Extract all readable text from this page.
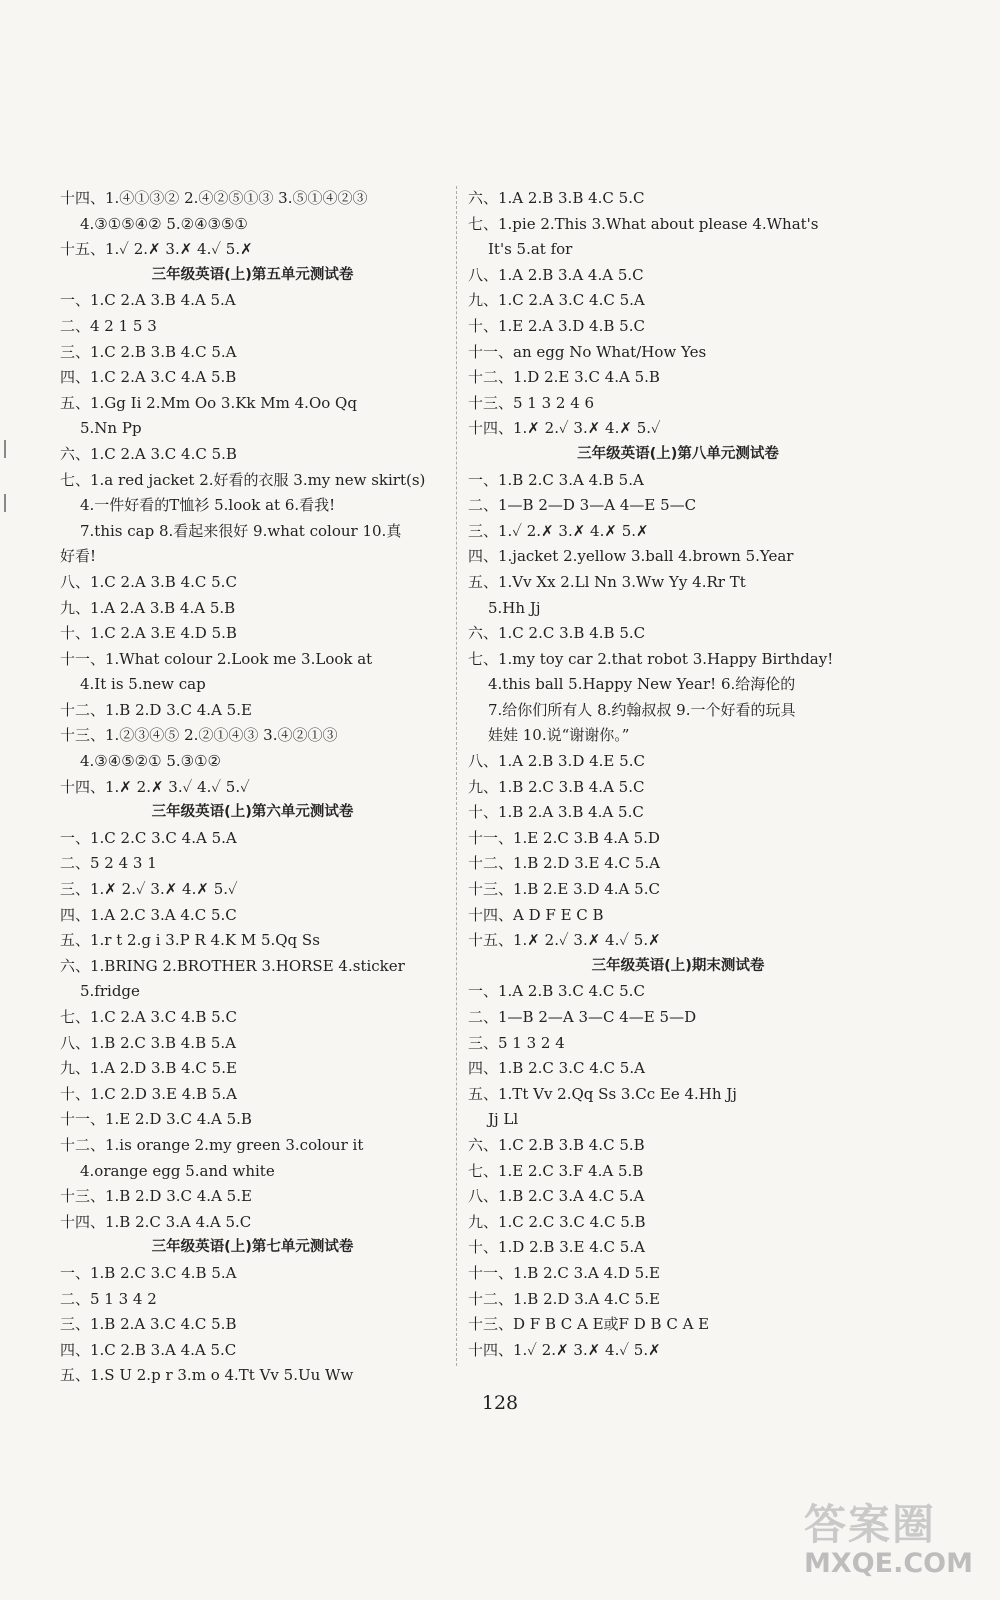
十四、1.④①③② 2.④②⑤①③ 3.⑤①④②③
4.③①⑤④② 5.②④③⑤①
十五、1.✓ 2.✗ 3.✗ 4.✓ 5.✗
三年级英语(上)第五单元测试卷
一、1.C 2.A 3.B 4.A 5.A
二、4 2 1 5 3
三、1.C 2.B 3.B 4.C 5.A
四、1.C 2.A 3.C 4.A 5.B
五、1.Gg Ii 2.Mm Oo 3.Kk Mm 4.Oo Qq
5.Nn Pp
六、1.C 2.A 3.C 4.C 5.B
七、1.a red jacket 2.好看的衣服 3.my new skirt(s)
4.一件好看的T恤衫 5.look at 6.看我!
7.this cap 8.看起来很好 9.what colour 10.真
好看!
八、1.C 2.A 3.B 4.C 5.C
九、1.A 2.A 3.B 4.A 5.B
十、1.C 2.A 3.E 4.D 5.B
十一、1.What colour 2.Look me 3.Look at
4.It is 5.new cap
十二、1.B 2.D 3.C 4.A 5.E
十三、1.②③④⑤ 2.②①④③ 3.④②①③
4.③④⑤②① 5.③①②
十四、1.✗ 2.✗ 3.✓ 4.✓ 5.✓
三年级英语(上)第六单元测试卷
一、1.C 2.C 3.C 4.A 5.A
二、5 2 4 3 1
三、1.✗ 2.✓ 3.✗ 4.✗ 5.✓
四、1.A 2.C 3.A 4.C 5.C
五、1.r t 2.g i 3.P R 4.K M 5.Qq Ss
六、1.BRING 2.BROTHER 3.HORSE 4.sticker
5.fridge
七、1.C 2.A 3.C 4.B 5.C
八、1.B 2.C 3.B 4.B 5.A
九、1.A 2.D 3.B 4.C 5.E
十、1.C 2.D 3.E 4.B 5.A
十一、1.E 2.D 3.C 4.A 5.B
十二、1.is orange 2.my green 3.colour it
4.orange egg 5.and white
十三、1.B 2.D 3.C 4.A 5.E
十四、1.B 2.C 3.A 4.A 5.C
三年级英语(上)第七单元测试卷
一、1.B 2.C 3.C 4.B 5.A
二、5 1 3 4 2
三、1.B 2.A 3.C 4.C 5.B
四、1.C 2.B 3.A 4.A 5.C
五、1.S U 2.p r 3.m o 4.Tt Vv 5.Uu Ww
六、1.A 2.B 3.B 4.C 5.C
七、1.pie 2.This 3.What about please 4.What's
It's 5.at for
八、1.A 2.B 3.A 4.A 5.C
九、1.C 2.A 3.C 4.C 5.A
十、1.E 2.A 3.D 4.B 5.C
十一、an egg No What/How Yes
十二、1.D 2.E 3.C 4.A 5.B
十三、5 1 3 2 4 6
十四、1.✗ 2.✓ 3.✗ 4.✗ 5.✓
三年级英语(上)第八单元测试卷
一、1.B 2.C 3.A 4.B 5.A
二、1—B 2—D 3—A 4—E 5—C
三、1.✓ 2.✗ 3.✗ 4.✗ 5.✗
四、1.jacket 2.yellow 3.ball 4.brown 5.Year
五、1.Vv Xx 2.Ll Nn 3.Ww Yy 4.Rr Tt
5.Hh Jj
六、1.C 2.C 3.B 4.B 5.C
七、1.my toy car 2.that robot 3.Happy Birthday!
4.this ball 5.Happy New Year! 6.给海伦的
7.给你们所有人 8.约翰叔叔 9.一个好看的玩具
娃娃 10.说“谢谢你。”
八、1.A 2.B 3.D 4.E 5.C
九、1.B 2.C 3.B 4.A 5.C
十、1.B 2.A 3.B 4.A 5.C
十一、1.E 2.C 3.B 4.A 5.D
十二、1.B 2.D 3.E 4.C 5.A
十三、1.B 2.E 3.D 4.A 5.C
十四、A D F E C B
十五、1.✗ 2.✓ 3.✗ 4.✓ 5.✗
三年级英语(上)期末测试卷
一、1.A 2.B 3.C 4.C 5.C
二、1—B 2—A 3—C 4—E 5—D
三、5 1 3 2 4
四、1.B 2.C 3.C 4.C 5.A
五、1.Tt Vv 2.Qq Ss 3.Cc Ee 4.Hh Jj
Jj Ll
六、1.C 2.B 3.B 4.C 5.B
七、1.E 2.C 3.F 4.A 5.B
八、1.B 2.C 3.A 4.C 5.A
九、1.C 2.C 3.C 4.C 5.B
十、1.D 2.B 3.E 4.C 5.A
十一、1.B 2.C 3.A 4.D 5.E
十二、1.B 2.D 3.A 4.C 5.E
十三、D F B C A E或F D B C A E
十四、1.✓ 2.✗ 3.✗ 4.✓ 5.✗
128
答案圈
MXQE.COM
